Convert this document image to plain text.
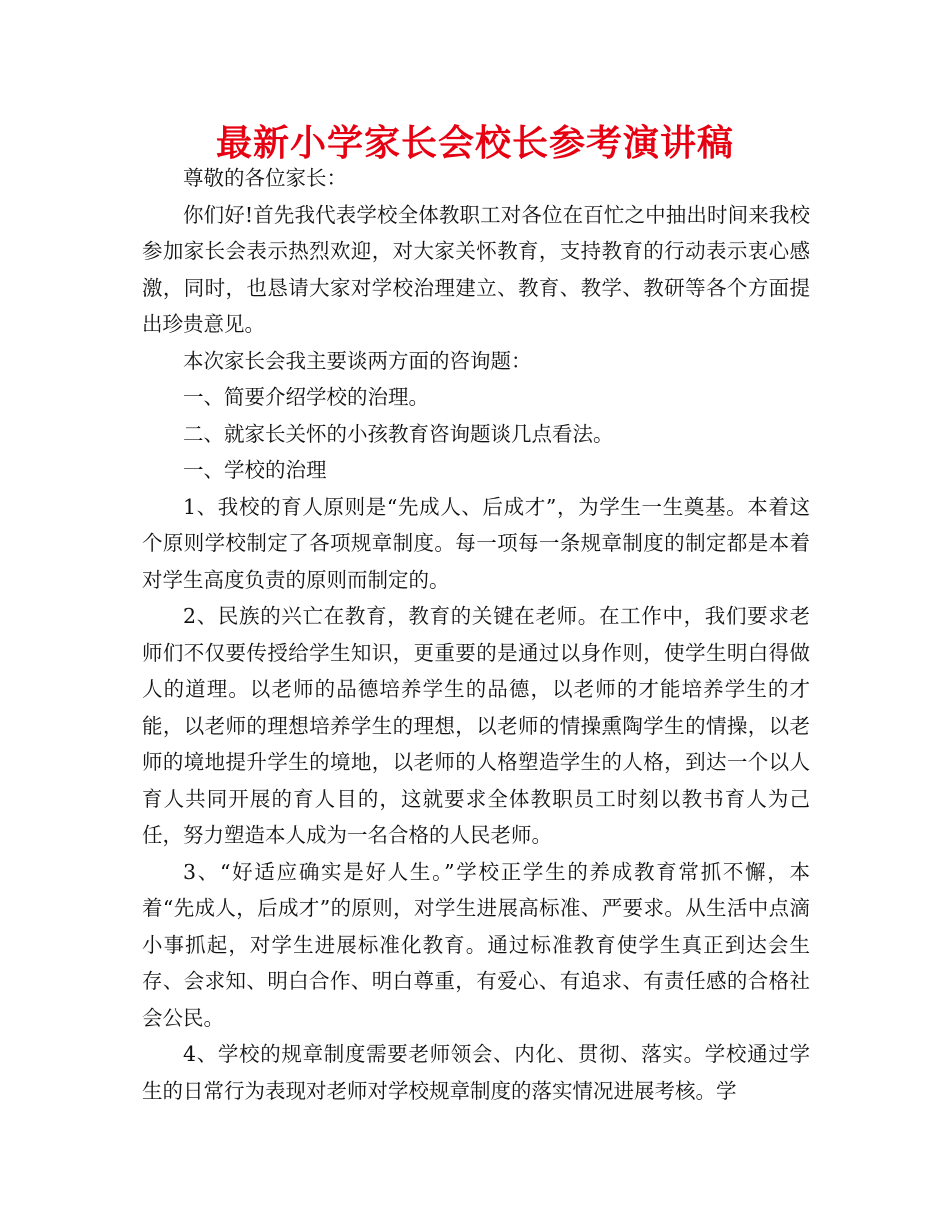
最新小学家长会校长参考演讲稿

尊敬的各位家长：

你们好!首先我代表学校全体教职工对各位在百忙之中抽出时间来我校参加家长会表示热烈欢迎，对大家关怀教育，支持教育的行动表示衷心感激，同时，也恳请大家对学校治理建立、教育、教学、教研等各个方面提出珍贵意见。

本次家长会我主要谈两方面的咨询题：

一、简要介绍学校的治理。

二、就家长关怀的小孩教育咨询题谈几点看法。

一、学校的治理

1、我校的育人原则是“先成人、后成才”，为学生一生奠基。本着这个原则学校制定了各项规章制度。每一项每一条规章制度的制定都是本着对学生高度负责的原则而制定的。

2、民族的兴亡在教育，教育的关键在老师。在工作中，我们要求老师们不仅要传授给学生知识，更重要的是通过以身作则，使学生明白得做人的道理。以老师的品德培养学生的品德，以老师的才能培养学生的才能，以老师的理想培养学生的理想，以老师的情操熏陶学生的情操，以老师的境地提升学生的境地，以老师的人格塑造学生的人格，到达一个以人育人共同开展的育人目的，这就要求全体教职员工时刻以教书育人为己任，努力塑造本人成为一名合格的人民老师。

3、“好适应确实是好人生。”学校正学生的养成教育常抓不懈，本着“先成人，后成才”的原则，对学生进展高标准、严要求。从生活中点滴小事抓起，对学生进展标准化教育。通过标准教育使学生真正到达会生存、会求知、明白合作、明白尊重，有爱心、有追求、有责任感的合格社会公民。

4、学校的规章制度需要老师领会、内化、贯彻、落实。学校通过学生的日常行为表现对老师对学校规章制度的落实情况进展考核。学
